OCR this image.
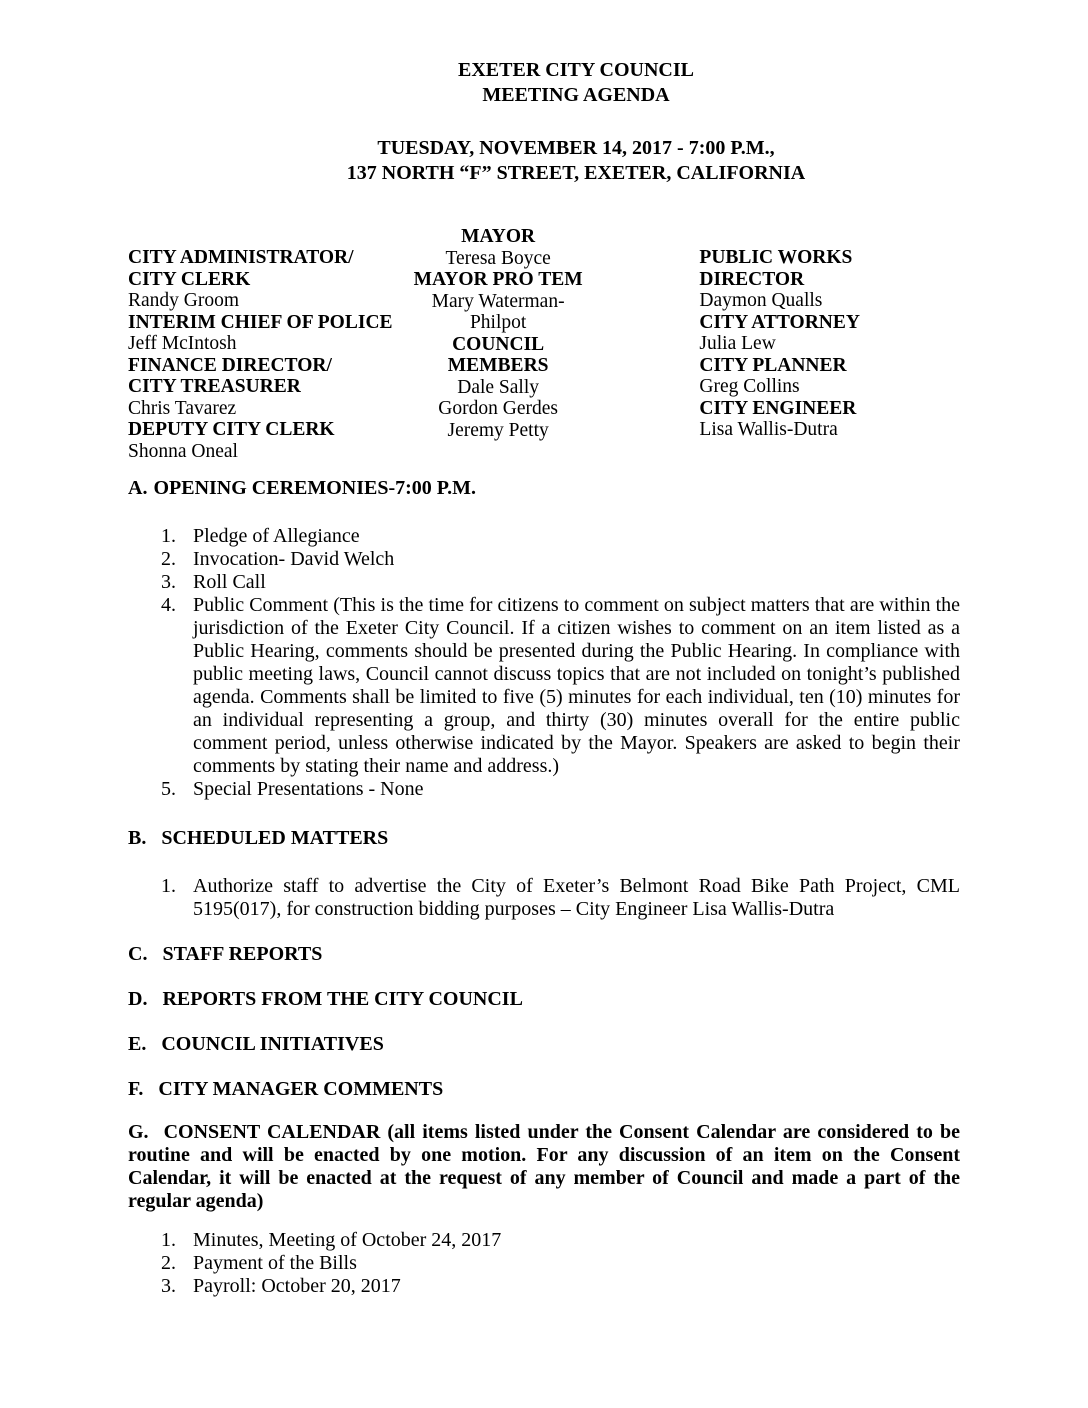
EXETER CITY COUNCIL
MEETING AGENDA
TUESDAY, NOVEMBER 14, 2017 - 7:00 P.M.,
137 NORTH “F” STREET, EXETER, CALIFORNIA
CITY ADMINISTRATOR/
CITY CLERK
Randy Groom
INTERIM CHIEF OF POLICE
Jeff McIntosh
FINANCE DIRECTOR/
CITY TREASURER
Chris Tavarez
DEPUTY CITY CLERK
Shonna Oneal
MAYOR
Teresa Boyce
MAYOR PRO TEM
Mary Waterman-Philpot
COUNCIL MEMBERS
Dale Sally
Gordon Gerdes
Jeremy Petty
PUBLIC WORKS DIRECTOR
Daymon Qualls
CITY ATTORNEY
Julia Lew
CITY PLANNER
Greg Collins
CITY ENGINEER
Lisa Wallis-Dutra
A. OPENING CEREMONIES-7:00 P.M.
1. Pledge of Allegiance
2. Invocation- David Welch
3. Roll Call
4. Public Comment (This is the time for citizens to comment on subject matters that are within the jurisdiction of the Exeter City Council. If a citizen wishes to comment on an item listed as a Public Hearing, comments should be presented during the Public Hearing. In compliance with public meeting laws, Council cannot discuss topics that are not included on tonight’s published agenda. Comments shall be limited to five (5) minutes for each individual, ten (10) minutes for an individual representing a group, and thirty (30) minutes overall for the entire public comment period, unless otherwise indicated by the Mayor. Speakers are asked to begin their comments by stating their name and address.)
5. Special Presentations - None
B. SCHEDULED MATTERS
1. Authorize staff to advertise the City of Exeter’s Belmont Road Bike Path Project, CML 5195(017), for construction bidding purposes – City Engineer Lisa Wallis-Dutra
C. STAFF REPORTS
D. REPORTS FROM THE CITY COUNCIL
E. COUNCIL INITIATIVES
F. CITY MANAGER COMMENTS

G. CONSENT CALENDAR (all items listed under the Consent Calendar are considered to be routine and will be enacted by one motion. For any discussion of an item on the Consent Calendar, it will be enacted at the request of any member of Council and made a part of the regular agenda)

1. Minutes, Meeting of October 24, 2017
2. Payment of the Bills
3. Payroll: October 20, 2017
